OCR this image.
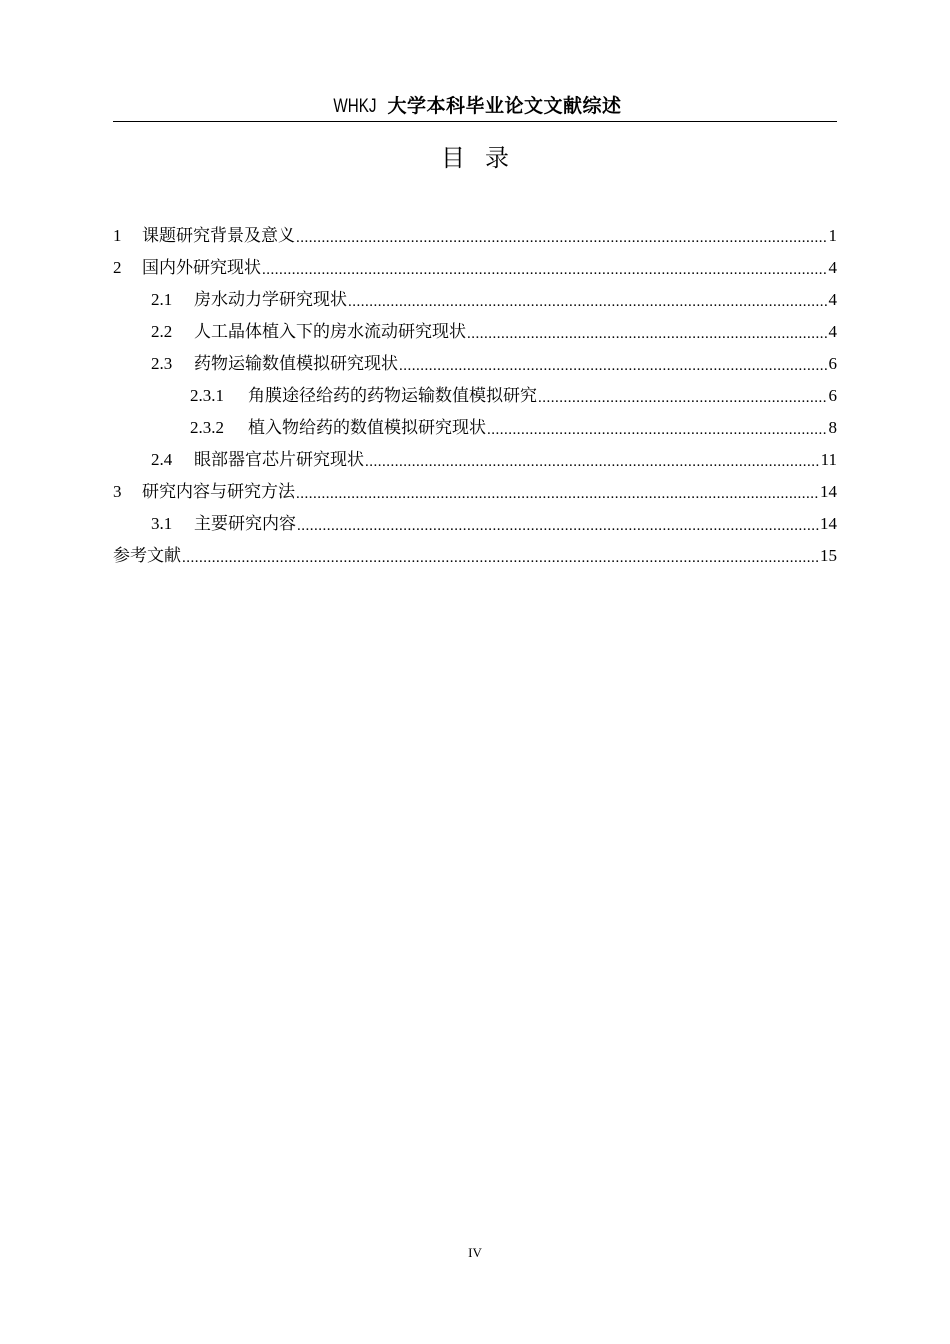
WHKJ 大学本科毕业论文文献综述
目录
1	课题研究背景及意义 .....	1
2	国内外研究现状 .....	4
2.1	房水动力学研究现状 .....	4
2.2	人工晶体植入下的房水流动研究现状 .....	4
2.3	药物运输数值模拟研究现状 .....	6
2.3.1	角膜途径给药的药物运输数值模拟研究 .....	6
2.3.2	植入物给药的数值模拟研究现状 .....	8
2.4	眼部器官芯片研究现状 .....	11
3	研究内容与研究方法 .....	14
3.1	主要研究内容 .....	14
参考文献 .....	15
IV
